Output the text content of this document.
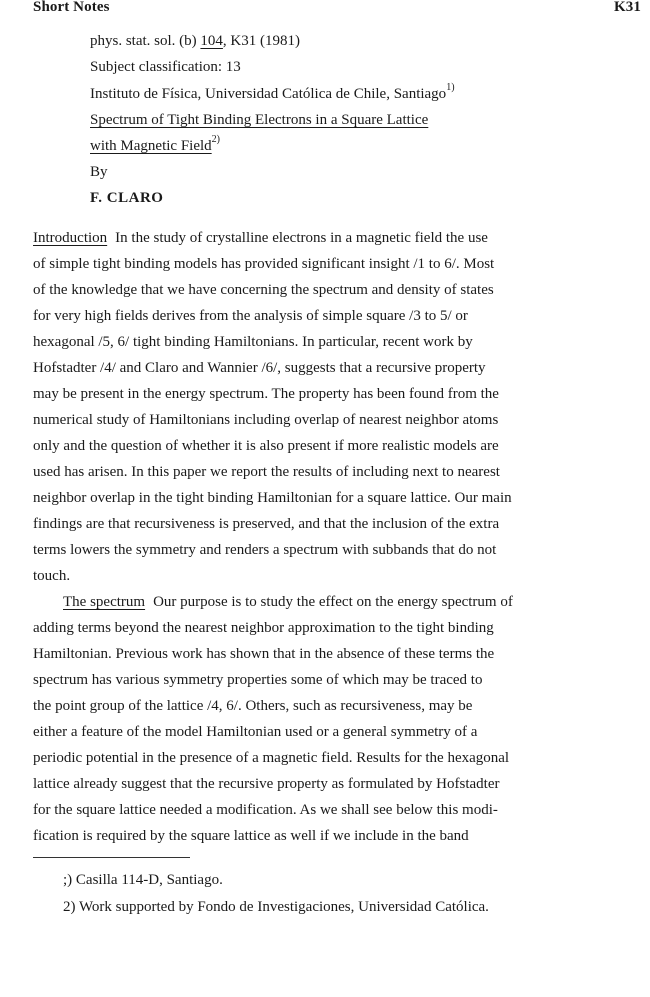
Short Notes	K31
phys. stat. sol. (b) 104, K31 (1981)
Subject classification: 13
Instituto de Física, Universidad Católica de Chile, Santiago$^{1)}$
Spectrum of Tight Binding Electrons in a Square Lattice
with Magnetic Field$^{2)}$
By
F. CLARO
Introduction In the study of crystalline electrons in a magnetic field the use
of simple tight binding models has provided significant insight /1 to 6/. Most
of the knowledge that we have concerning the spectrum and density of states
for very high fields derives from the analysis of simple square /3 to 5/ or
hexagonal /5, 6/ tight binding Hamiltonians. In particular, recent work by
Hofstadter /4/ and Claro and Wannier /6/, suggests that a recursive property
may be present in the energy spectrum. The property has been found from the
numerical study of Hamiltonians including overlap of nearest neighbor atoms
only and the question of whether it is also present if more realistic models are
used has arisen. In this paper we report the results of including next to nearest
neighbor overlap in the tight binding Hamiltonian for a square lattice. Our main
findings are that recursiveness is preserved, and that the inclusion of the extra
terms lowers the symmetry and renders a spectrum with subbands that do not
touch.
The spectrum Our purpose is to study the effect on the energy spectrum of
adding terms beyond the nearest neighbor approximation to the tight binding
Hamiltonian. Previous work has shown that in the absence of these terms the
spectrum has various symmetry properties some of which may be traced to
the point group of the lattice /4, 6/. Others, such as recursiveness, may be
either a feature of the model Hamiltonian used or a general symmetry of a
periodic potential in the presence of a magnetic field. Results for the hexagonal
lattice already suggest that the recursive property as formulated by Hofstadter
for the square lattice needed a modification. As we shall see below this modi-
fication is required by the square lattice as well if we include in the band
;) Casilla 114-D, Santiago.
2) Work supported by Fondo de Investigaciones, Universidad Católica.
